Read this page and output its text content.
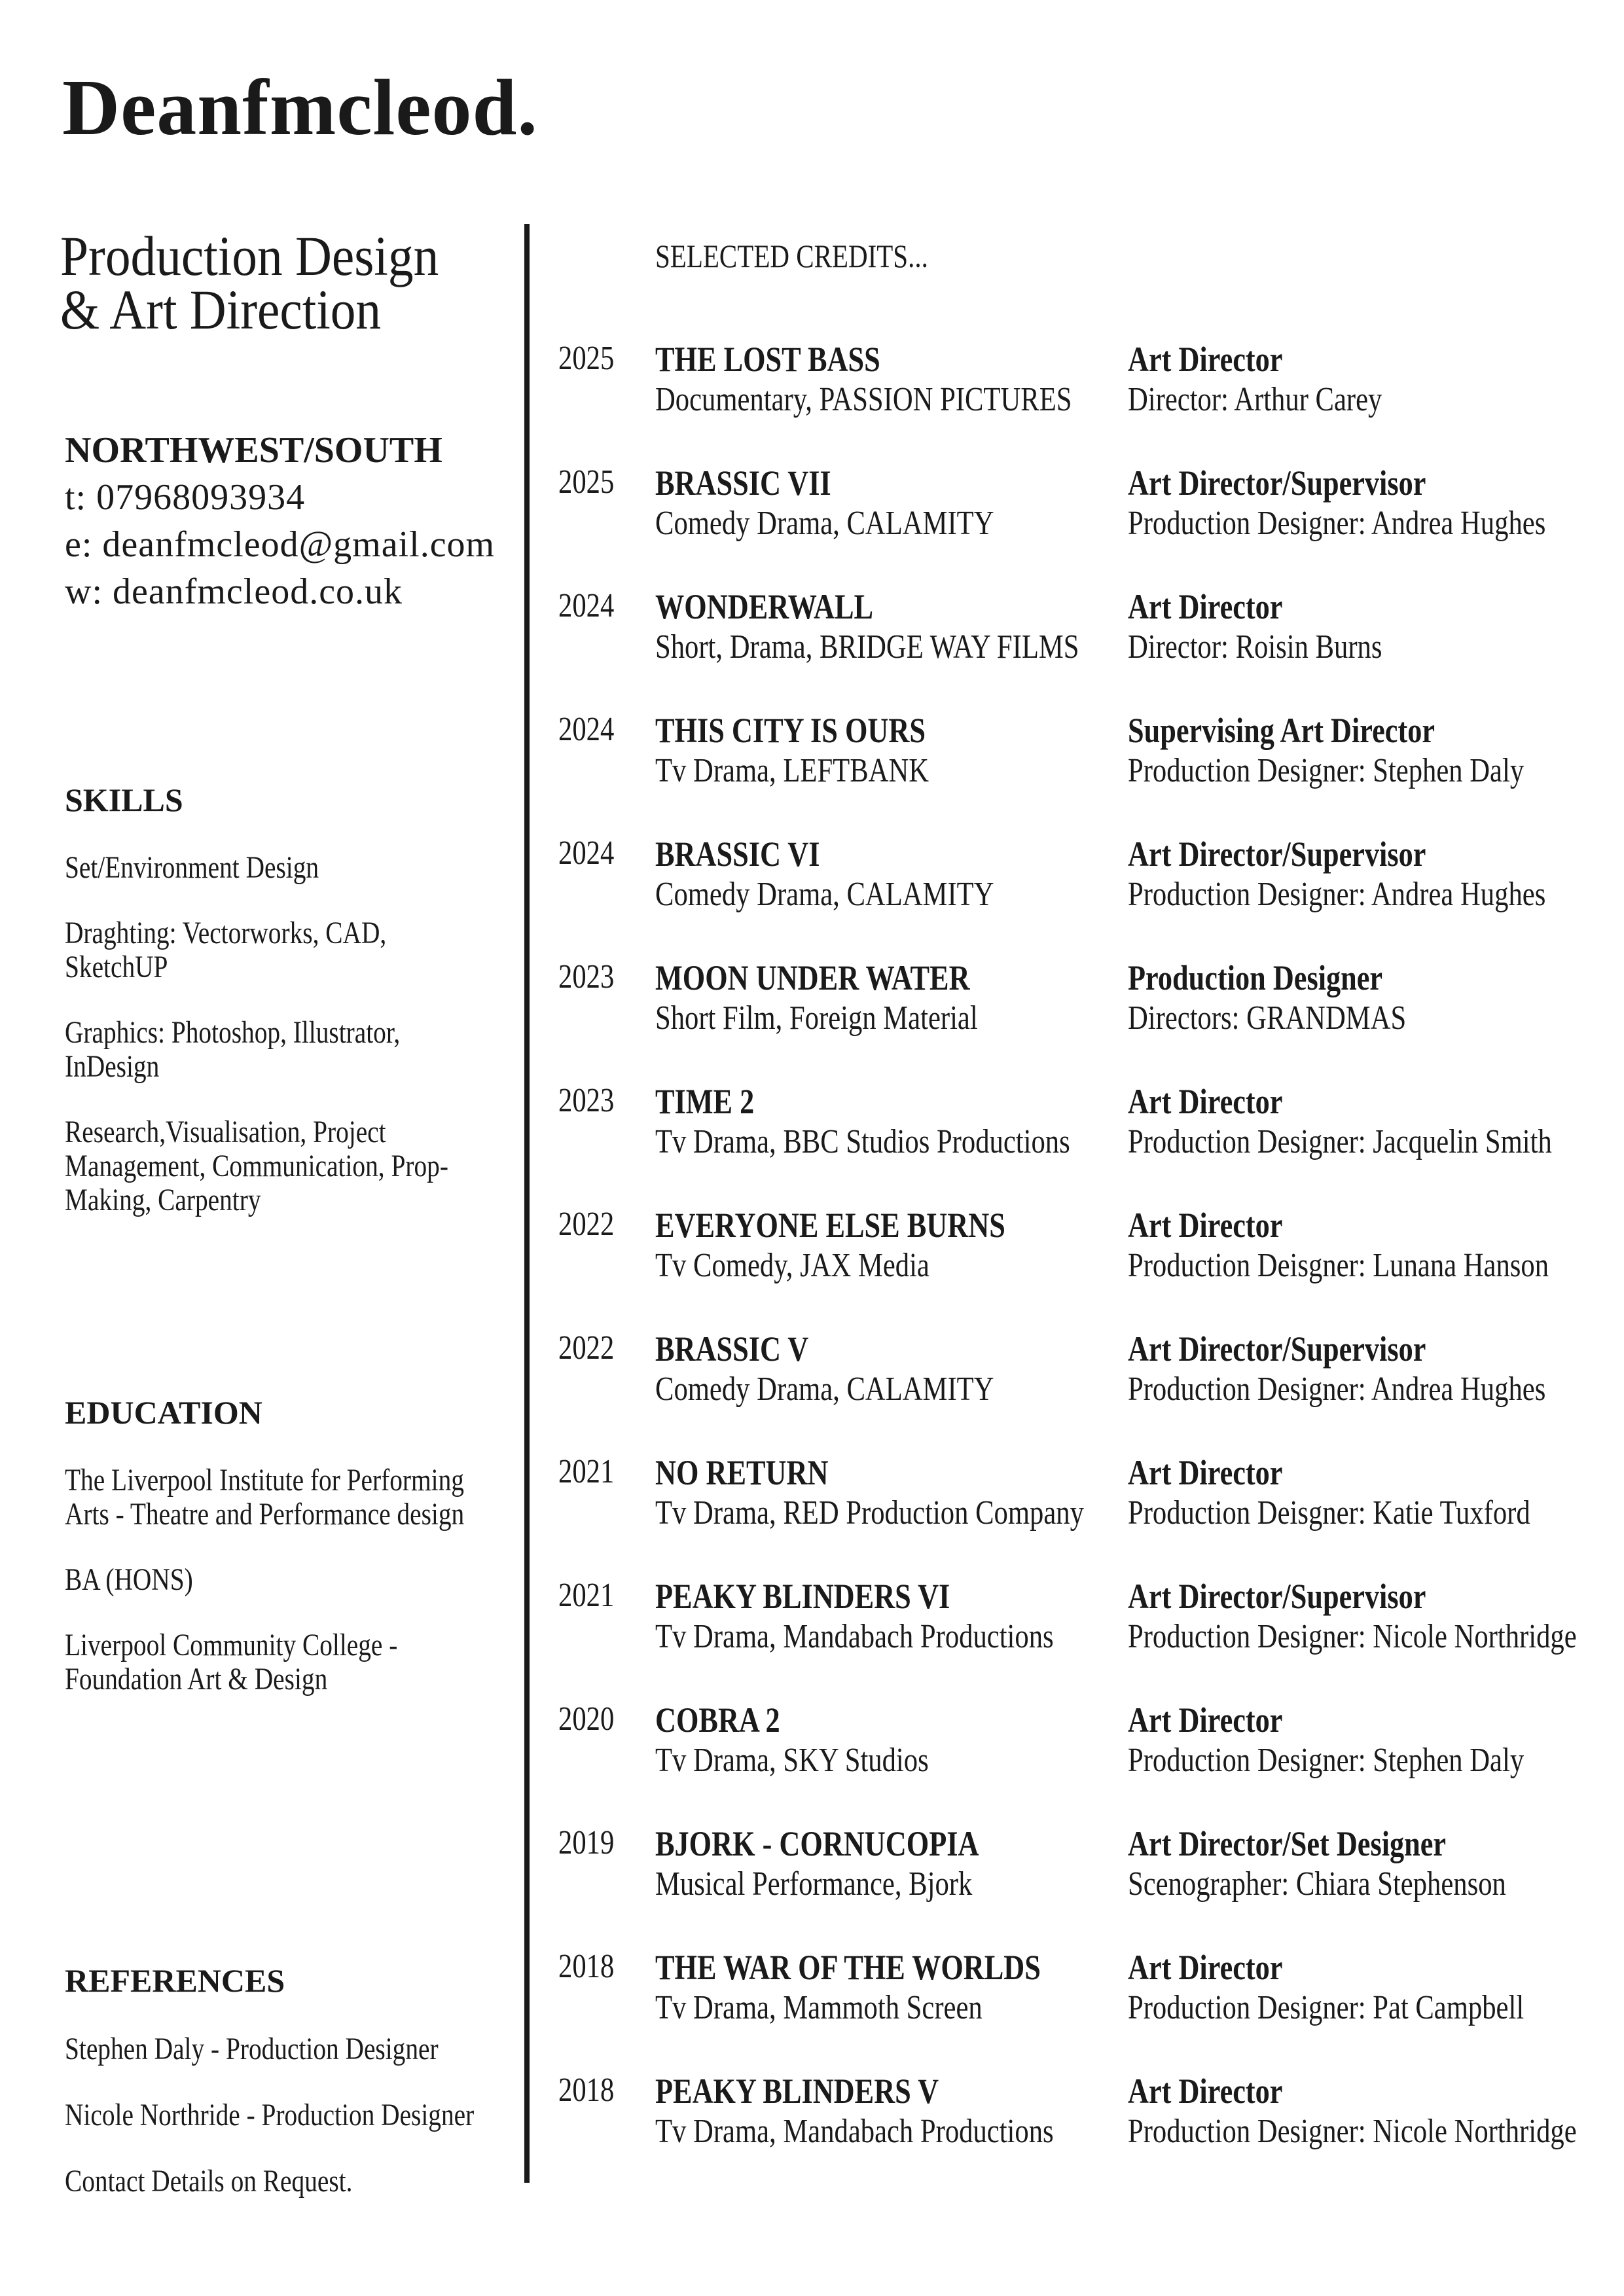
Deanfmcleod.
Production Design
& Art Direction
NORTHWEST/SOUTH
t: 07968093934
e: deanfmcleod@gmail.com
w: deanfmcleod.co.uk
SKILLS
Set/Environment Design
Draghting: Vectorworks, CAD,
SketchUP
Graphics: Photoshop, Illustrator,
InDesign
Research,Visualisation, Project
Management, Communication, Prop-
Making, Carpentry
EDUCATION
The Liverpool Institute for Performing
Arts - Theatre and Performance design
BA (HONS)
Liverpool Community College -
Foundation Art & Design
REFERENCES
Stephen Daly - Production Designer
Nicole Northride - Production Designer
Contact Details on Request.
SELECTED CREDITS...
2025	THE LOST BASS
Documentary, PASSION PICTURES
Art Director
Director: Arthur Carey
2025	BRASSIC VII
Comedy Drama, CALAMITY
Art Director/Supervisor
Production Designer: Andrea Hughes
2024	WONDERWALL
Short, Drama, BRIDGE WAY FILMS
Art Director
Director: Roisin Burns
2024	THIS CITY IS OURS
Tv Drama, LEFTBANK
Supervising Art Director
Production Designer: Stephen Daly
2024	BRASSIC VI
Comedy Drama, CALAMITY
Art Director/Supervisor
Production Designer: Andrea Hughes
2023	MOON UNDER WATER
Short Film, Foreign Material
Production Designer
Directors: GRANDMAS
2023	TIME 2
Tv Drama, BBC Studios Productions
Art Director
Production Designer: Jacquelin Smith
2022	EVERYONE ELSE BURNS
Tv Comedy, JAX Media
Art Director
Production Deisgner: Lunana Hanson
2022	BRASSIC V
Comedy Drama, CALAMITY
Art Director/Supervisor
Production Designer: Andrea Hughes
2021	NO RETURN
Tv Drama, RED Production Company
Art Director
Production Deisgner: Katie Tuxford
2021	PEAKY BLINDERS VI
Tv Drama, Mandabach Productions
Art Director/Supervisor
Production Designer: Nicole Northridge
2020	COBRA 2
Tv Drama, SKY Studios
Art Director
Production Designer: Stephen Daly
2019	BJORK - CORNUCOPIA
Musical Performance, Bjork
Art Director/Set Designer
Scenographer: Chiara Stephenson
2018	THE WAR OF THE WORLDS
Tv Drama, Mammoth Screen
Art Director
Production Designer: Pat Campbell
2018	PEAKY BLINDERS V
Tv Drama, Mandabach Productions
Art Director
Production Designer: Nicole Northridge
